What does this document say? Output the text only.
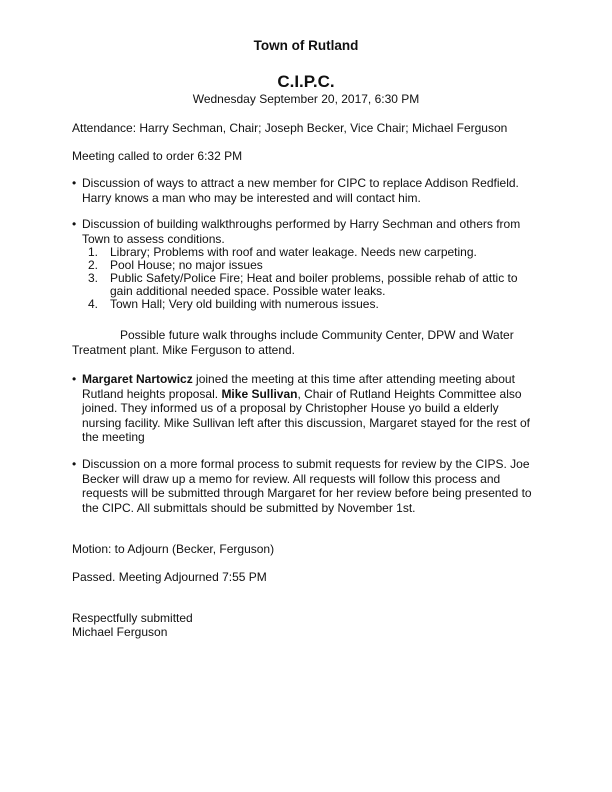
Town of Rutland
C.I.P.C.
Wednesday September 20, 2017, 6:30 PM
Attendance: Harry Sechman, Chair; Joseph Becker, Vice Chair; Michael Ferguson
Meeting called to order 6:32 PM
• Discussion of ways to attract a new member for CIPC to replace Addison Redfield. Harry knows a man who may be interested and will contact him.
• Discussion of building walkthroughs performed by Harry Sechman and others from Town to assess conditions.
1. Library; Problems with roof and water leakage. Needs new carpeting.
2. Pool House; no major issues
3. Public Safety/Police Fire; Heat and boiler problems, possible rehab of attic to gain additional needed space. Possible water leaks.
4. Town Hall; Very old building with numerous issues.
Possible future walk throughs include Community Center, DPW and Water Treatment plant. Mike Ferguson to attend.
• Margaret Nartowicz joined the meeting at this time after attending meeting about Rutland heights proposal. Mike Sullivan, Chair of Rutland Heights Committee also joined. They informed us of a proposal by Christopher House yo build a elderly nursing facility. Mike Sullivan left after this discussion, Margaret stayed for the rest of the meeting
• Discussion on a more formal process to submit requests for review by the CIPS. Joe Becker will draw up a memo for review. All requests will follow this process and requests will be submitted through Margaret for her review before being presented to the CIPC. All submittals should be submitted by November 1st.
Motion: to Adjourn (Becker, Ferguson)
Passed. Meeting Adjourned 7:55 PM
Respectfully submitted
Michael Ferguson
